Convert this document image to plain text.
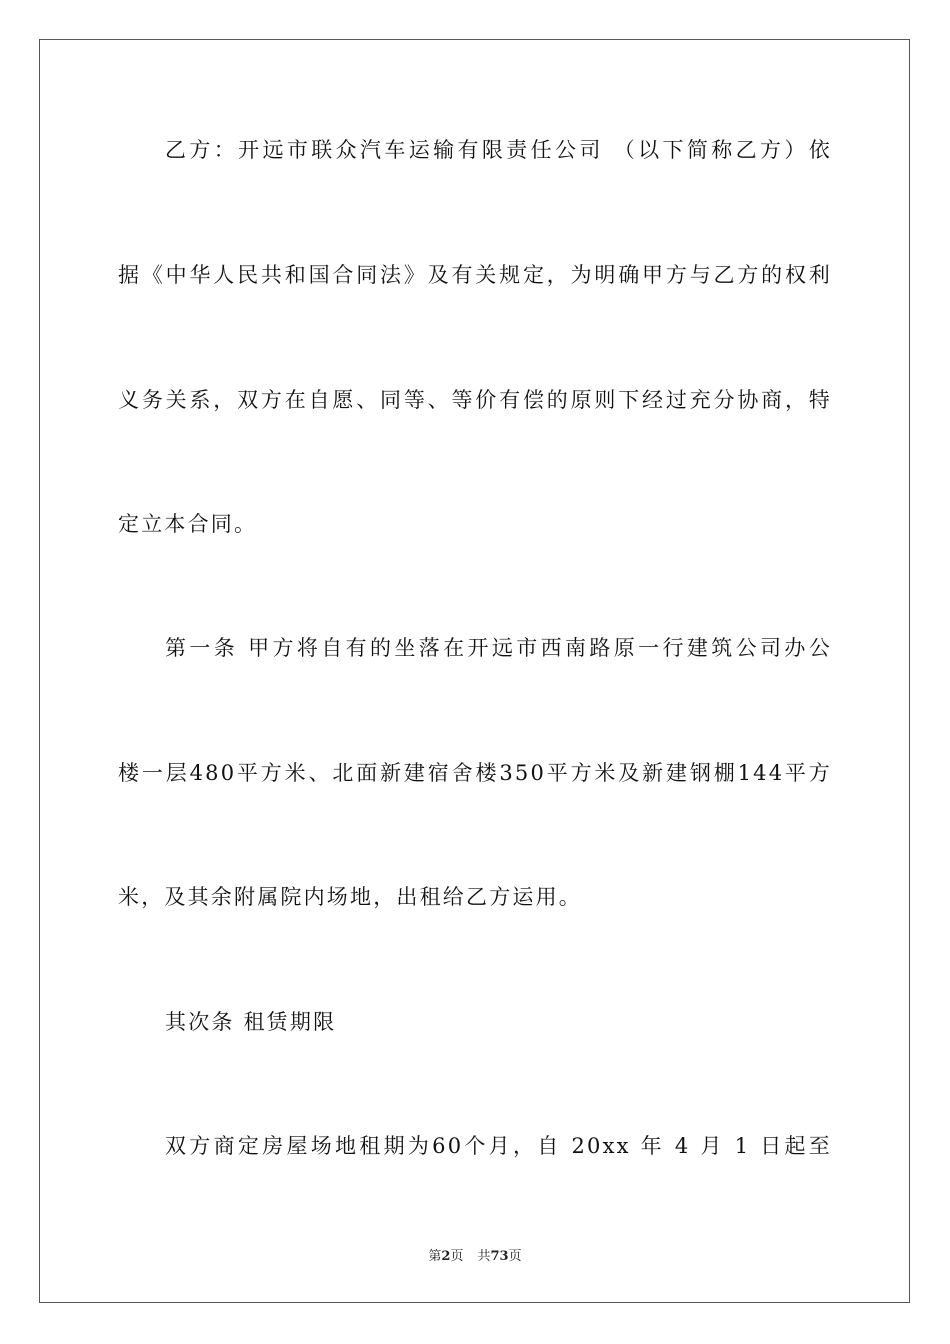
乙方：开远市联众汽车运输有限责任公司 （以下简称乙方）依
据《中华人民共和国合同法》及有关规定，为明确甲方与乙方的权利
义务关系，双方在自愿、同等、等价有偿的原则下经过充分协商，特
定立本合同。
第一条 甲方将自有的坐落在开远市西南路原一行建筑公司办公
楼一层480平方米、北面新建宿舍楼350平方米及新建钢棚144平方
米，及其余附属院内场地，出租给乙方运用。
其次条 租赁期限
双方商定房屋场地租期为60个月，自 20xx 年 4 月 1 日起至
第2页 共73页
